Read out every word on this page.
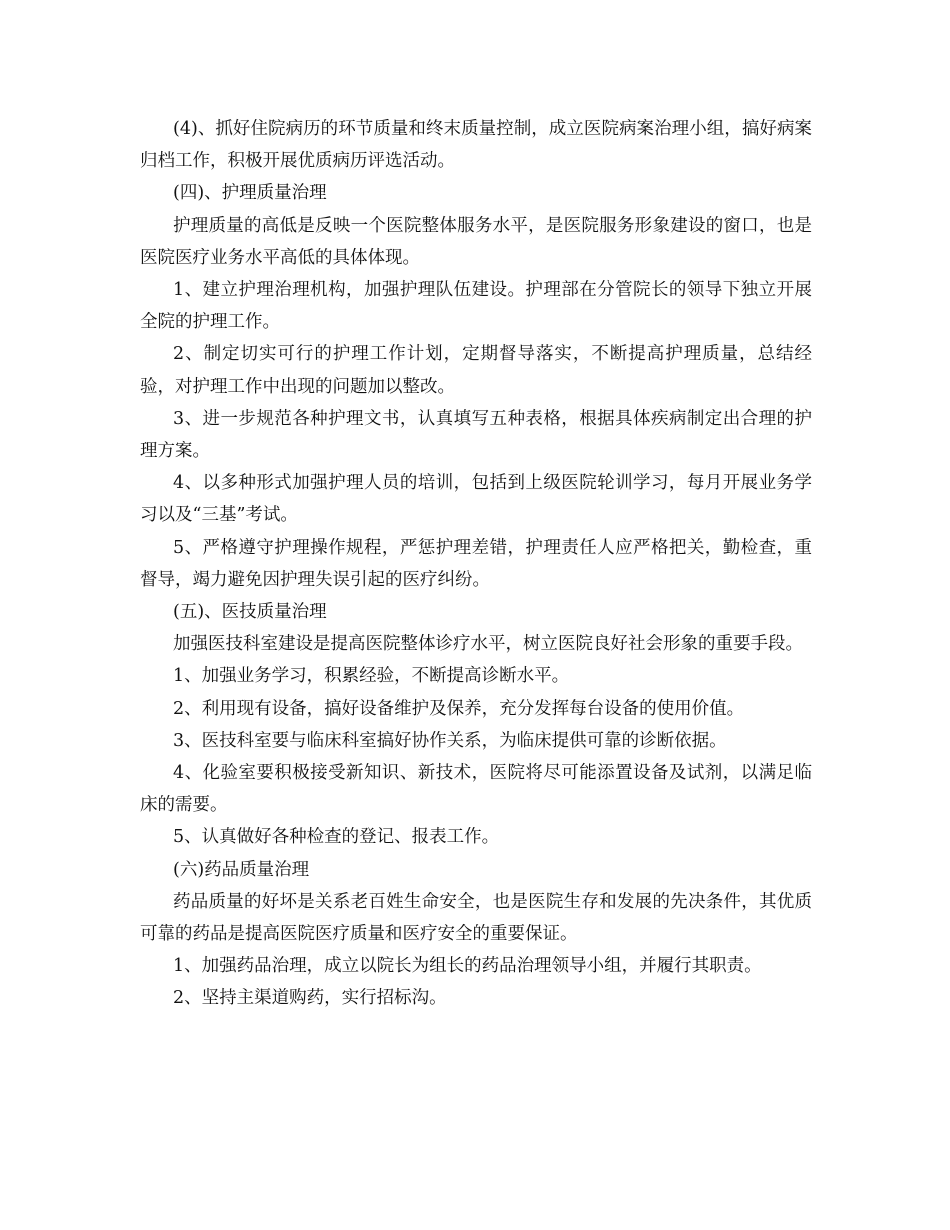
(4)、抓好住院病历的环节质量和终末质量控制，成立医院病案治理小组，搞好病案归档工作，积极开展优质病历评选活动。

(四)、护理质量治理

护理质量的高低是反映一个医院整体服务水平，是医院服务形象建设的窗口，也是医院医疗业务水平高低的具体体现。

1、建立护理治理机构，加强护理队伍建设。护理部在分管院长的领导下独立开展全院的护理工作。

2、制定切实可行的护理工作计划，定期督导落实，不断提高护理质量，总结经验，对护理工作中出现的问题加以整改。

3、进一步规范各种护理文书，认真填写五种表格，根据具体疾病制定出合理的护理方案。

4、以多种形式加强护理人员的培训，包括到上级医院轮训学习，每月开展业务学习以及“三基”考试。

5、严格遵守护理操作规程，严惩护理差错，护理责任人应严格把关，勤检查，重督导，竭力避免因护理失误引起的医疗纠纷。

(五)、医技质量治理

加强医技科室建设是提高医院整体诊疗水平，树立医院良好社会形象的重要手段。

1、加强业务学习，积累经验，不断提高诊断水平。

2、利用现有设备，搞好设备维护及保养，充分发挥每台设备的使用价值。

3、医技科室要与临床科室搞好协作关系，为临床提供可靠的诊断依据。

4、化验室要积极接受新知识、新技术，医院将尽可能添置设备及试剂，以满足临床的需要。

5、认真做好各种检查的登记、报表工作。

(六)药品质量治理

药品质量的好坏是关系老百姓生命安全，也是医院生存和发展的先决条件，其优质可靠的药品是提高医院医疗质量和医疗安全的重要保证。

1、加强药品治理，成立以院长为组长的药品治理领导小组，并履行其职责。

2、坚持主渠道购药，实行招标沟。
